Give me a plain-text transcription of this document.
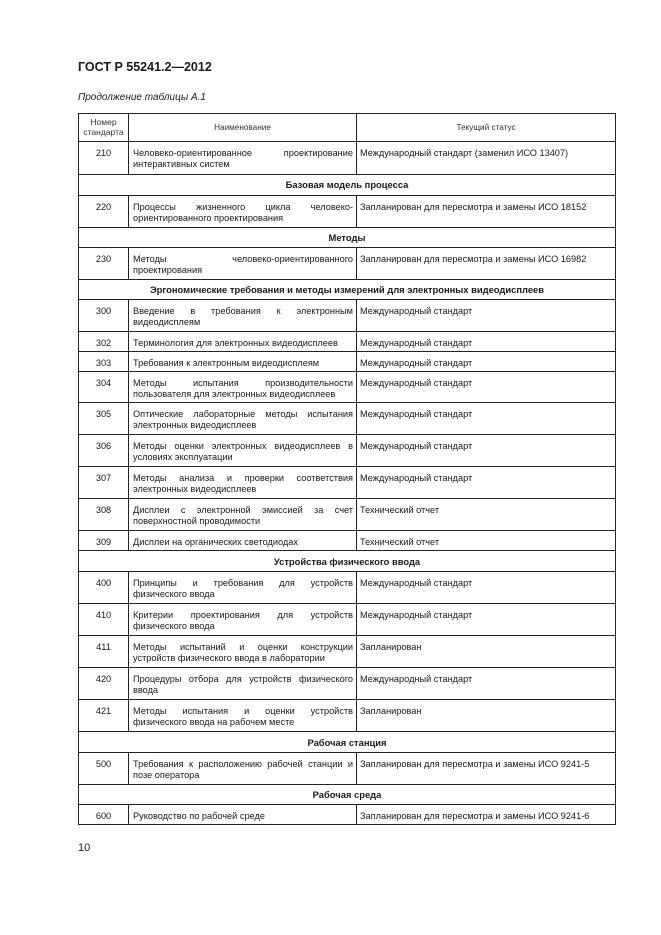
ГОСТ Р 55241.2—2012
Продолжение таблицы А.1
Номер стандарта	Наименование	Текущий статус
210	Человеко-ориентированное проектирование интерактивных систем	Международный стандарт (заменил ИСО 13407)
Базовая модель процесса		
220	Процессы жизненного цикла человеко-ориентированного проектирования	Запланирован для пересмотра и замены ИСО 18152
Методы		
230	Методы человеко-ориентированного проектирования	Запланирован для пересмотра и замены ИСО 16982
Эргономические требования и методы измерений для электронных видеодисплеев		
300	Введение в требования к электронным видеодисплеям	Международный стандарт
302	Терминология для электронных видеодисплеев	Международный стандарт
303	Требования к электронным видеодисплеям	Международный стандарт
304	Методы испытания производительности пользователя для электронных видеодисплеев	Международный стандарт
305	Оптические лабораторные методы испытания электронных видеодисплеев	Международный стандарт
306	Методы оценки электронных видеодисплеев в условиях эксплуатации	Международный стандарт
307	Методы анализа и проверки соответствия электронных видеодисплеев	Международный стандарт
308	Дисплеи с электронной эмиссией за счет поверхностной проводимости	Технический отчет
309	Дисплеи на органических светодиодах	Технический отчет
Устройства физического ввода		
400	Принципы и требования для устройств физического ввода	Международный стандарт
410	Критерии проектирования для устройств физического ввода	Международный стандарт
411	Методы испытаний и оценки конструкции устройств физического ввода в лаборатории	Запланирован
420	Процедуры отбора для устройств физического ввода	Международный стандарт
421	Методы испытания и оценки устройств физического ввода на рабочем месте	Запланирован
Рабочая станция		
500	Требования к расположению рабочей станции и позе оператора	Запланирован для пересмотра и замены ИСО 9241-5
Рабочая среда		
600	Руководство по рабочей среде	Запланирован для пересмотра и замены ИСО 9241-6
10
